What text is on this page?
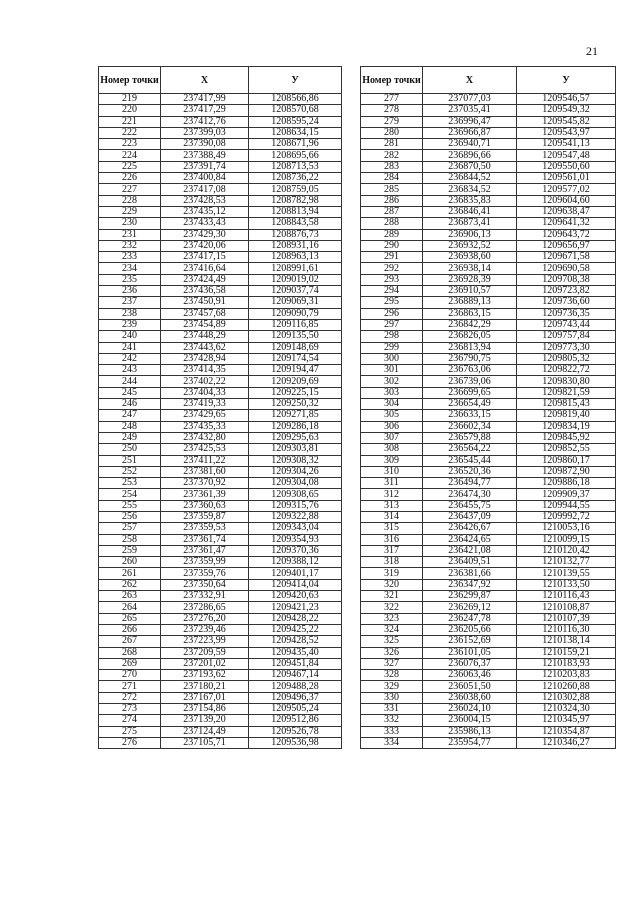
21
Номер точки	X	У
219	237417,99	1208566,86
220	237417,29	1208570,68
221	237412,76	1208595,24
222	237399,03	1208634,15
223	237390,08	1208671,96
224	237388,49	1208695,66
225	237391,74	1208713,53
226	237400,84	1208736,22
227	237417,08	1208759,05
228	237428,53	1208782,98
229	237435,12	1208813,94
230	237433,43	1208843,58
231	237429,30	1208876,73
232	237420,06	1208931,16
233	237417,15	1208963,13
234	237416,64	1208991,61
235	237424,49	1209019,02
236	237436,58	1209037,74
237	237450,91	1209069,31
238	237457,68	1209090,79
239	237454,89	1209116,85
240	237448,29	1209135,50
241	237443,62	1209148,69
242	237428,94	1209174,54
243	237414,35	1209194,47
244	237402,22	1209209,69
245	237404,33	1209225,15
246	237419,33	1209250,32
247	237429,65	1209271,85
248	237435,33	1209286,18
249	237432,80	1209295,63
250	237425,53	1209303,81
251	237411,22	1209308,32
252	237381,60	1209304,26
253	237370,92	1209304,08
254	237361,39	1209308,65
255	237360,63	1209315,76
256	237359,87	1209322,88
257	237359,53	1209343,04
258	237361,74	1209354,93
259	237361,47	1209370,36
260	237359,99	1209388,12
261	237359,76	1209401,17
262	237350,64	1209414,04
263	237332,91	1209420,63
264	237286,65	1209421,23
265	237276,20	1209428,22
266	237239,46	1209425,22
267	237223,99	1209428,52
268	237209,59	1209435,40
269	237201,02	1209451,84
270	237193,62	1209467,14
271	237180,21	1209488,28
272	237167,01	1209496,37
273	237154,86	1209505,24
274	237139,20	1209512,86
275	237124,49	1209526,78
276	237105,71	1209536,98
Номер точки	X	У
277	237077,03	1209546,57
278	237035,41	1209549,32
279	236996,47	1209545,82
280	236966,87	1209543,97
281	236940,71	1209541,13
282	236896,66	1209547,48
283	236870,50	1209550,60
284	236844,52	1209561,01
285	236834,52	1209577,02
286	236835,83	1209604,60
287	236846,41	1209638,47
288	236873,41	1209641,32
289	236906,13	1209643,72
290	236932,52	1209656,97
291	236938,60	1209671,58
292	236938,14	1209690,58
293	236928,39	1209708,38
294	236910,57	1209723,82
295	236889,13	1209736,60
296	236863,15	1209736,35
297	236842,29	1209743,44
298	236826,05	1209757,84
299	236813,94	1209773,30
300	236790,75	1209805,32
301	236763,06	1209822,72
302	236739,06	1209830,80
303	236699,65	1209821,59
304	236654,49	1209815,43
305	236633,15	1209819,40
306	236602,34	1209834,19
307	236579,88	1209845,92
308	236564,22	1209852,55
309	236545,44	1209860,17
310	236520,36	1209872,90
311	236494,77	1209886,18
312	236474,30	1209909,37
313	236455,75	1209944,55
314	236437,09	1209992,72
315	236426,67	1210053,16
316	236424,65	1210099,15
317	236421,08	1210120,42
318	236409,51	1210132,77
319	236381,66	1210139,55
320	236347,92	1210133,50
321	236299,87	1210116,43
322	236269,12	1210108,87
323	236247,78	1210107,39
324	236205,66	1210116,30
325	236152,69	1210138,14
326	236101,05	1210159,21
327	236076,37	1210183,93
328	236063,46	1210203,83
329	236051,50	1210260,88
330	236038,60	1210302,88
331	236024,10	1210324,30
332	236004,15	1210345,97
333	235986,13	1210354,87
334	235954,77	1210346,27
